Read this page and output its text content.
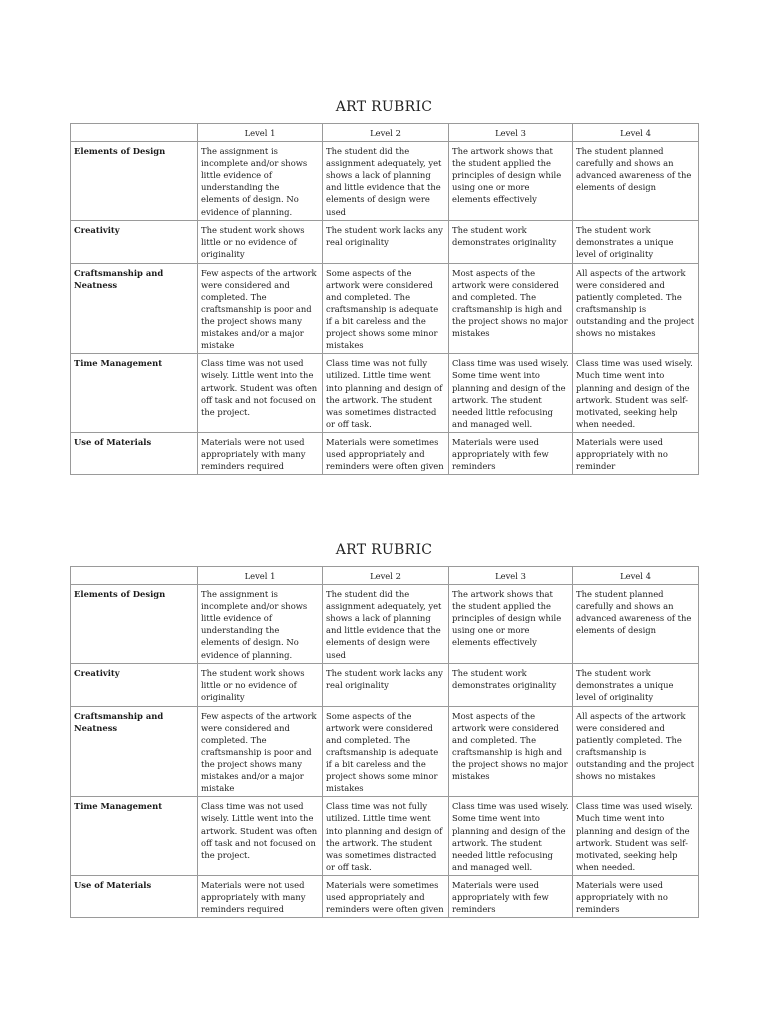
ART RUBRIC
	Level 1	Level 2	Level 3	Level 4
Elements of Design	The assignment is incomplete and/or shows little evidence of understanding the elements of design. No evidence of planning.	The student did the assignment adequately, yet shows a lack of planning and little evidence that the elements of design were used	The artwork shows that the student applied the principles of design while using one or more elements effectively	The student planned carefully and shows an advanced awareness of the elements of design
Creativity	The student work shows little or no evidence of originality	The student work lacks any real originality	The student work demonstrates originality	The student work demonstrates a unique level of originality
Craftsmanship and Neatness	Few aspects of the artwork were considered and completed. The craftsmanship is poor and the project shows many mistakes and/or a major mistake	Some aspects of the artwork were considered and completed. The craftsmanship is adequate if a bit careless and the project shows some minor mistakes	Most aspects of the artwork were considered and completed. The craftsmanship is high and the project shows no major mistakes	All aspects of the artwork were considered and patiently completed. The craftsmanship is outstanding and the project shows no mistakes
Time Management	Class time was not used wisely. Little went into the artwork. Student was often off task and not focused on the project.	Class time was not fully utilized. Little time went into planning and design of the artwork. The student was sometimes distracted or off task.	Class time was used wisely. Some time went into planning and design of the artwork. The student needed little refocusing and managed well.	Class time was used wisely. Much time went into planning and design of the artwork. Student was self-motivated, seeking help when needed.
Use of Materials	Materials were not used appropriately with many reminders required	Materials were sometimes used appropriately and reminders were often given	Materials were used appropriately with few reminders	Materials were used appropriately with no reminder
ART RUBRIC
	Level 1	Level 2	Level 3	Level 4
Elements of Design	The assignment is incomplete and/or shows little evidence of understanding the elements of design. No evidence of planning.	The student did the assignment adequately, yet shows a lack of planning and little evidence that the elements of design were used	The artwork shows that the student applied the principles of design while using one or more elements effectively	The student planned carefully and shows an advanced awareness of the elements of design
Creativity	The student work shows little or no evidence of originality	The student work lacks any real originality	The student work demonstrates originality	The student work demonstrates a unique level of originality
Craftsmanship and Neatness	Few aspects of the artwork were considered and completed. The craftsmanship is poor and the project shows many mistakes and/or a major mistake	Some aspects of the artwork were considered and completed. The craftsmanship is adequate if a bit careless and the project shows some minor mistakes	Most aspects of the artwork were considered and completed. The craftsmanship is high and the project shows no major mistakes	All aspects of the artwork were considered and patiently completed. The craftsmanship is outstanding and the project shows no mistakes
Time Management	Class time was not used wisely. Little went into the artwork. Student was often off task and not focused on the project.	Class time was not fully utilized. Little time went into planning and design of the artwork. The student was sometimes distracted or off task.	Class time was used wisely. Some time went into planning and design of the artwork. The student needed little refocusing and managed well.	Class time was used wisely. Much time went into planning and design of the artwork. Student was self-motivated, seeking help when needed.
Use of Materials	Materials were not used appropriately with many reminders required	Materials were sometimes used appropriately and reminders were often given	Materials were used appropriately with few reminders	Materials were used appropriately with no reminders
